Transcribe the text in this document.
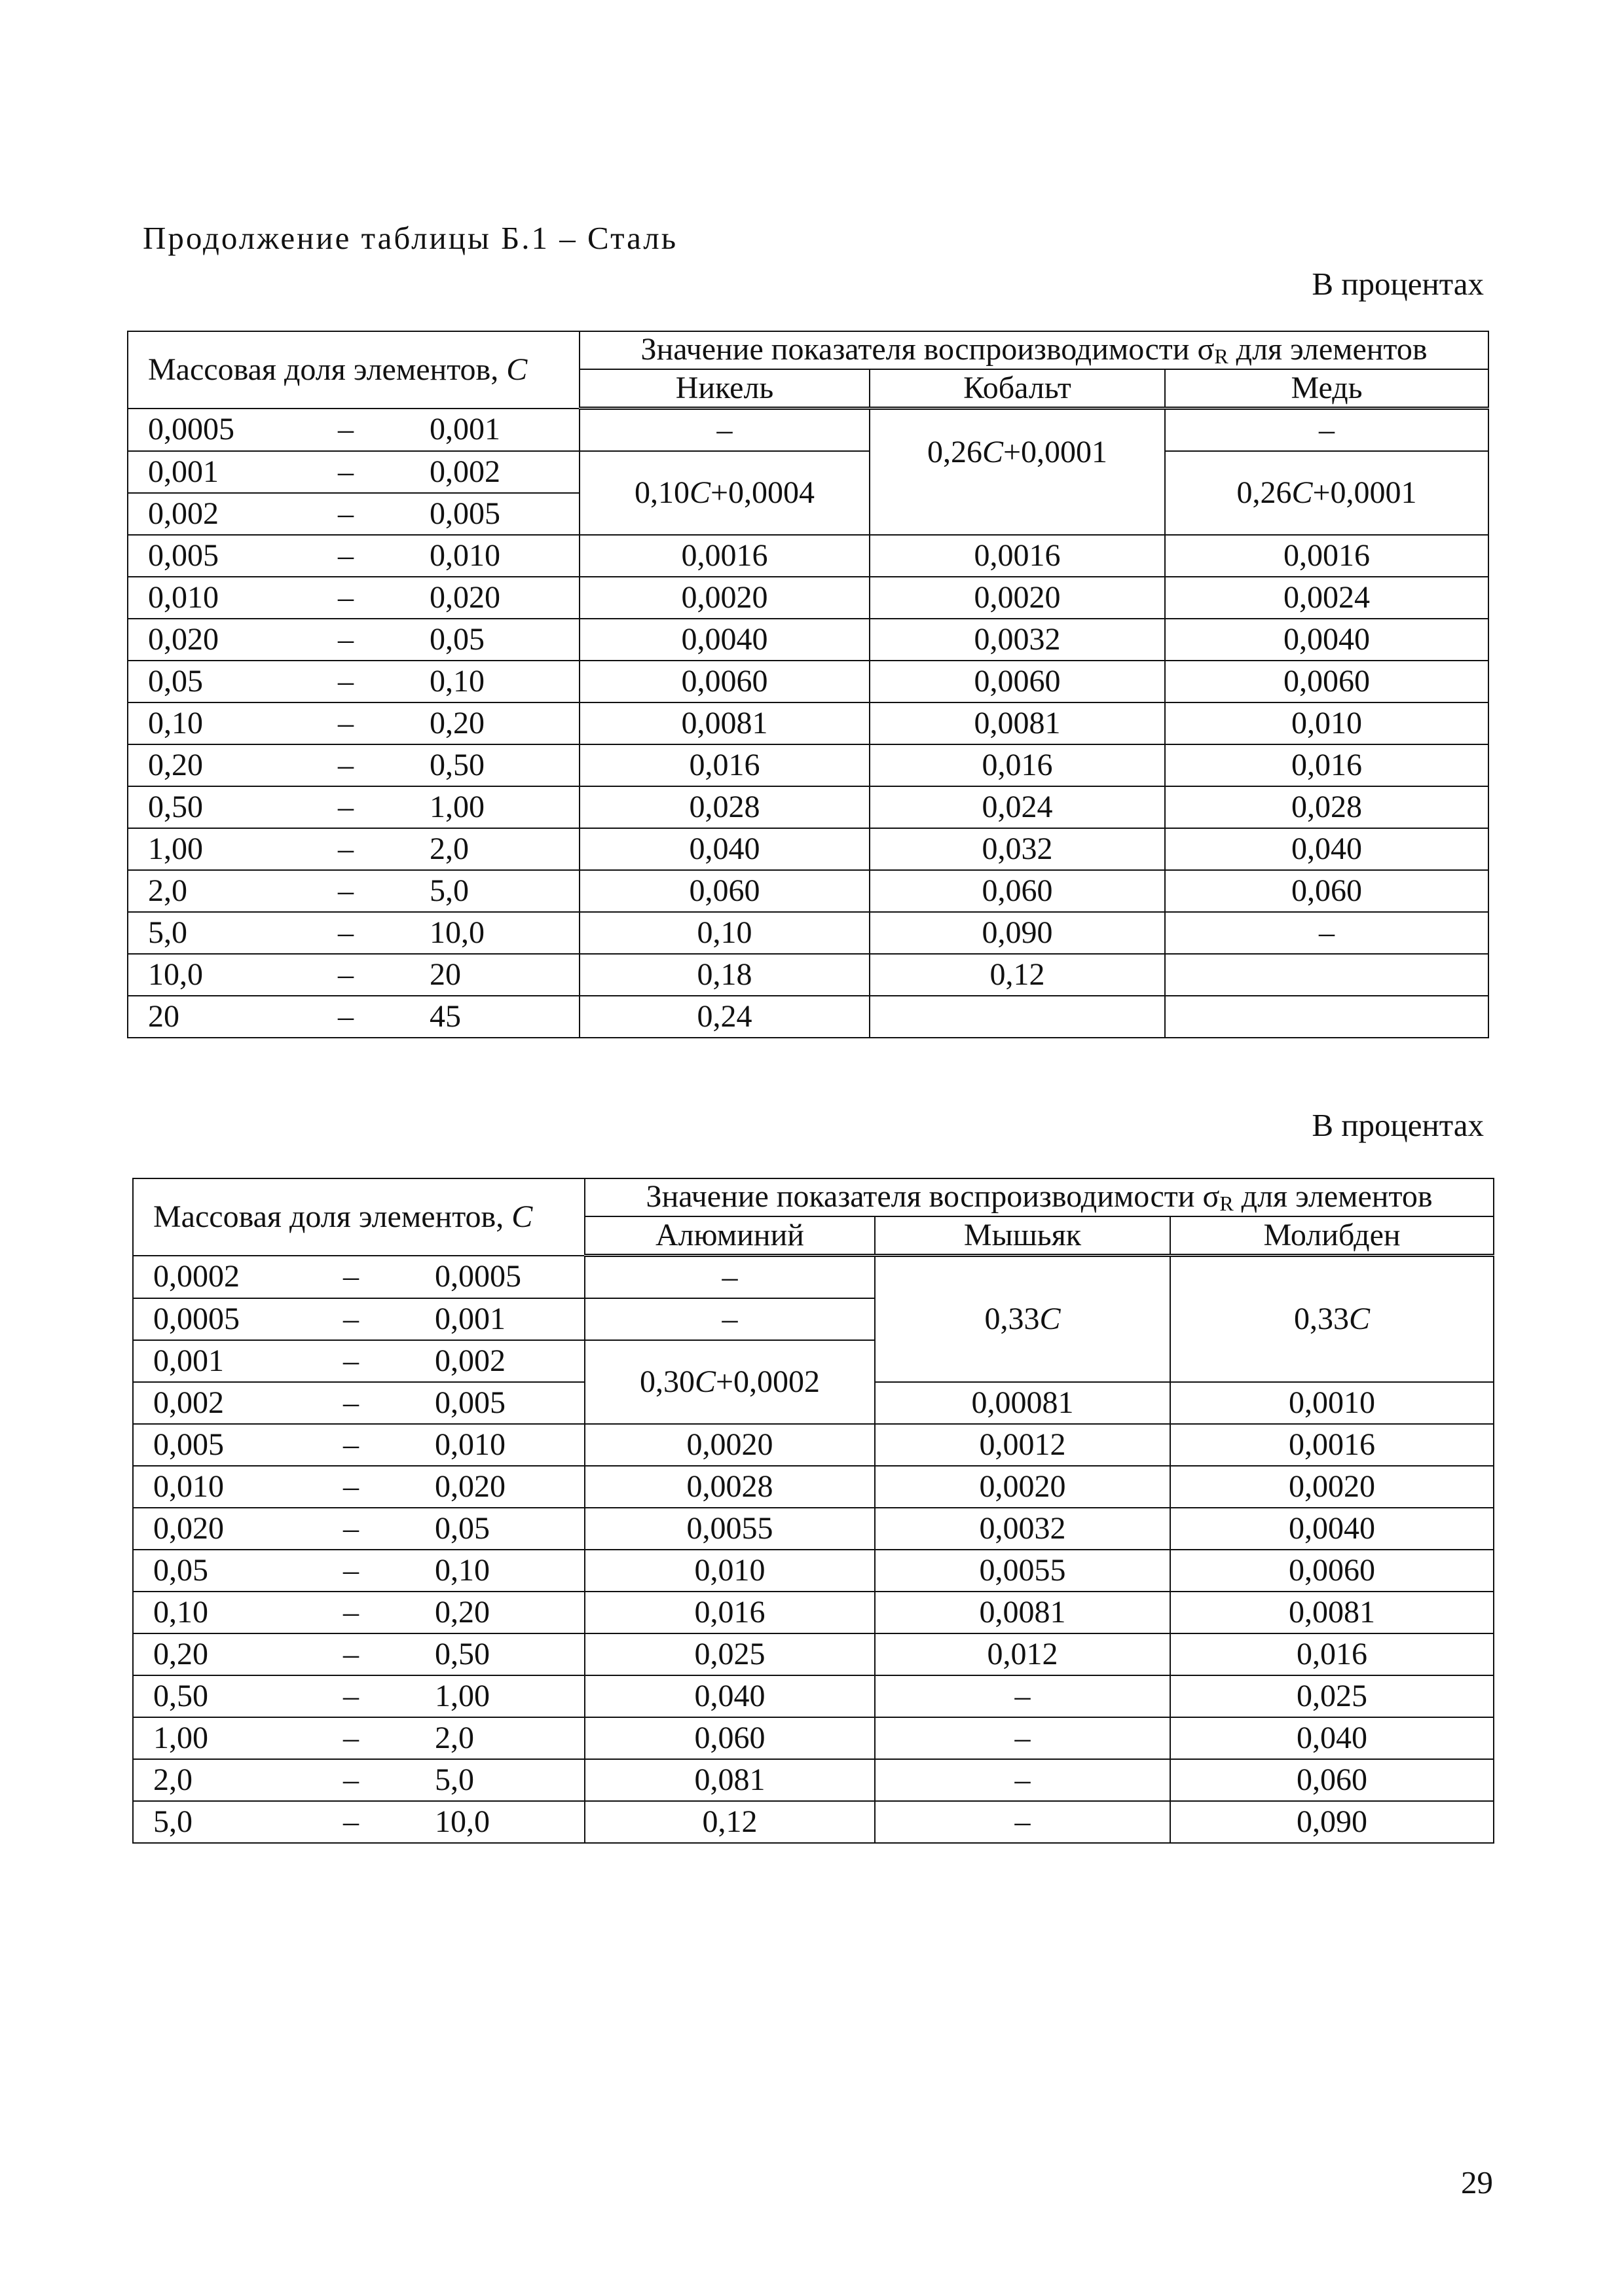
Продолжение таблицы Б.1 – Сталь
В процентах
Массовая доля элементов, C	Значение показателя воспроизводимости σR для элементов		
	Никель	Кобальт	Медь

0,0005 – 0,001	–	0,26C+0,0001	–

0,001 – 0,002	0,10C+0,0004		0,26C+0,0001

0,002 – 0,005			

0,005 – 0,010	0,0016	0,0016	0,0016

0,010 – 0,020	0,0020	0,0020	0,0024

0,020 – 0,05	0,0040	0,0032	0,0040

0,05 – 0,10	0,0060	0,0060	0,0060

0,10 – 0,20	0,0081	0,0081	0,010

0,20 – 0,50	0,016	0,016	0,016

0,50 – 1,00	0,028	0,024	0,028

1,00 – 2,0	0,040	0,032	0,040

2,0 – 5,0	0,060	0,060	0,060

5,0 – 10,0	0,10	0,090	–

10,0 – 20	0,18	0,12	

20 – 45	0,24		
В процентах
Массовая доля элементов, C	Значение показателя воспроизводимости σR для элементов		
	Алюминий	Мышьяк	Молибден

0,0002 – 0,0005	–	0,33C	0,33C

0,0005 – 0,001	–		

0,001 – 0,002	0,30C+0,0002		

0,002 – 0,005		0,00081	0,0010

0,005 – 0,010	0,0020	0,0012	0,0016

0,010 – 0,020	0,0028	0,0020	0,0020

0,020 – 0,05	0,0055	0,0032	0,0040

0,05 – 0,10	0,010	0,0055	0,0060

0,10 – 0,20	0,016	0,0081	0,0081

0,20 – 0,50	0,025	0,012	0,016

0,50 – 1,00	0,040	–	0,025

1,00 – 2,0	0,060	–	0,040

2,0 – 5,0	0,081	–	0,060

5,0 – 10,0	0,12	–	0,090
29
